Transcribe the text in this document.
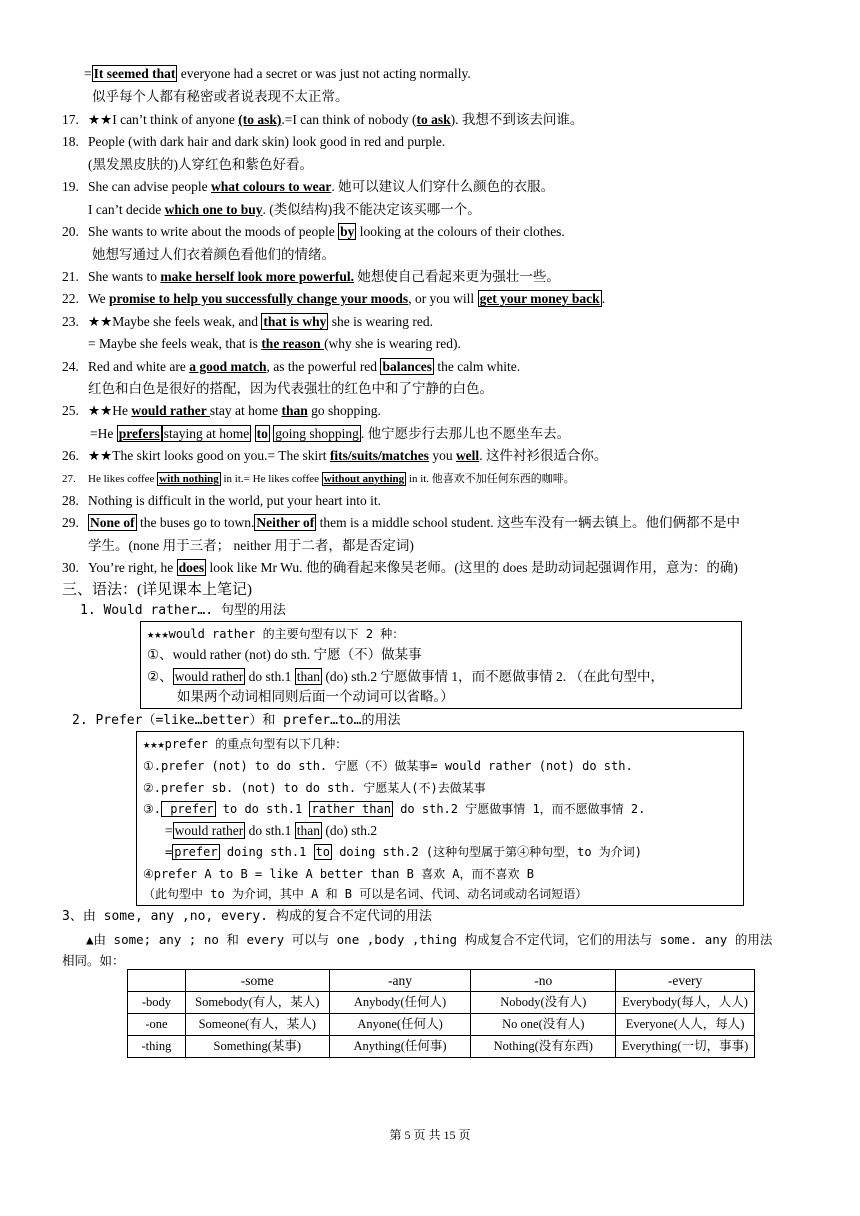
= It seemed that everyone had a secret or was just not acting normally.
似乎每个人都有秘密或者说表现不太正常。
17. ★★I can’t think of anyone (to ask).=I can think of nobody (to ask). 我想不到该去问谁。
18. People (with dark hair and dark skin) look good in red and purple.
(黑发黑皮肤的)人穿红色和紫色好看。
19. She can advise people what colours to wear. 她可以建议人们穿什么颜色的衣服。
I can’t decide which one to buy. (类似结构)我不能决定该买哪一个。
20. She wants to write about the moods of people by looking at the colours of their clothes.
她想写通过人们衣着颜色看他们的情绪。
21. She wants to make herself look more powerful. 她想使自己看起来更为强壮一些。
22. We promise to help you successfully change your moods, or you will get your money back .
23. ★★Maybe she feels weak, and that is why she is wearing red.
= Maybe she feels weak, that is the reason (why she is wearing red).
24. Red and white are a good match, as the powerful red balances the calm white.
红色和白色是很好的搭配，因为代表强壮的红色中和了宁静的白色。
25. ★★He would rather stay at home than go shopping.
=He prefers staying at home to going shopping . 他宁愿步行去那儿也不愿坐车去。
26. ★★The skirt looks good on you.= The skirt fits/suits/matches you well. 这件衬衫很适合你。
27. He likes coffee with nothing in it.= He likes coffee without anything in it. 他喜欢不加任何东西的咖啡。
28. Nothing is difficult in the world, put your heart into it.
29. None of the buses go to town. Neither of them is a middle school student. 这些车没有一辆去镇上。他们俩都不是中
学生。(none 用于三者； neither 用于二者，都是否定词)
30. You’re right, he does look like Mr Wu. 他的确看起来像吴老师。(这里的 does 是助动词起强调作用，意为：的确)
三、语法：(详见课本上笔记)
1. Would rather…. 句型的用法
★★★would rather 的主要句型有以下 2 种：
①、would rather (not) do sth. 宁愿（不）做某事
②、 would rather do sth.1 than (do) sth.2 宁愿做事情 1，而不愿做事情 2. （在此句型中，
如果两个动词相同则后面一个动词可以省略。）
2. Prefer（=like…better）和 prefer…to…的用法
★★★prefer 的重点句型有以下几种：
①.prefer (not) to do sth. 宁愿（不）做某事= would rather (not) do sth.
②.prefer sb. (not) to do sth. 宁愿某人(不)去做某事
③. prefer to do sth.1 rather than do sth.2 宁愿做事情 1，而不愿做事情 2.
= would rather do sth.1 than (do) sth.2
= prefer doing sth.1 to doing sth.2 (这种句型属于第④种句型，to 为介词)
④prefer A to B = like A better than B 喜欢 A，而不喜欢 B
（此句型中 to 为介词，其中 A 和 B 可以是名词、代词、动名词或动名词短语）
3、由 some, any ,no, every. 构成的复合不定代词的用法
▲由 some; any ; no 和 every 可以与 one ,body ,thing 构成复合不定代词，它们的用法与 some. any 的用法
相同。如：
	-some	-any	-no	-every
-body	Somebody(有人，某人)	Anybody(任何人)	Nobody(没有人)	Everybody(每人，人人)
-one	Someone(有人，某人)	Anyone(任何人)	No one(没有人)	Everyone(人人，每人)
-thing	Something(某事)	Anything(任何事)	Nothing(没有东西)	Everything(一切，事事)
第 5 页 共 15 页
